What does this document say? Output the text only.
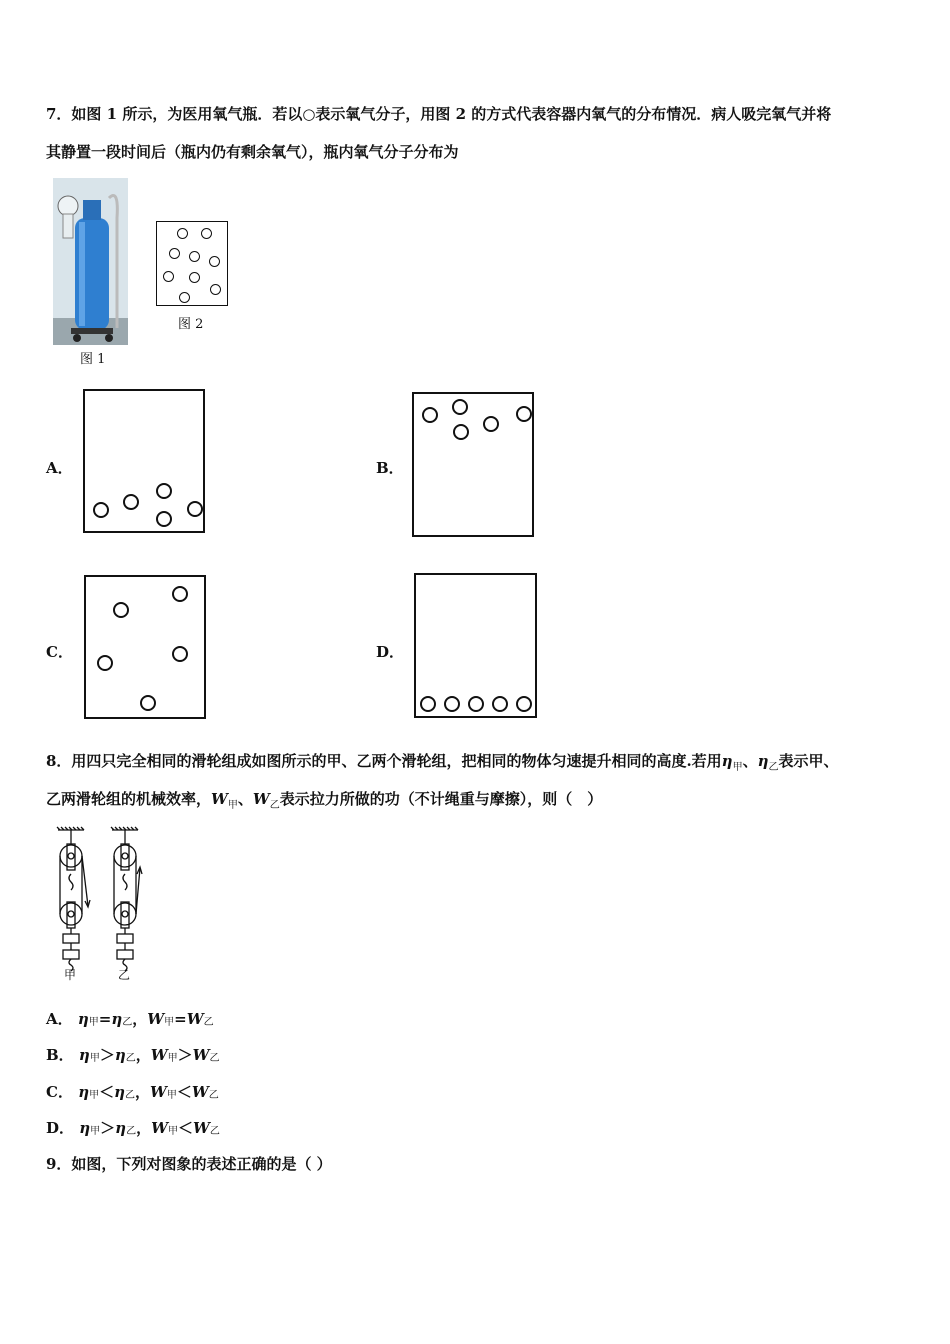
7．如图 1 所示，为医用氧气瓶．若以○表示氧气分子，用图 2 的方式代表容器内氧气的分布情况．病人吸完氧气并将
其静置一段时间后（瓶内仍有剩余氧气），瓶内氧气分子分布为
图 1
图 2
A．	B．
C．	D．
8．用四只完全相同的滑轮组成如图所示的甲、乙两个滑轮组，把相同的物体匀速提升相同的高度.若用$\eta_甲$、$\eta_乙$表示甲、
乙两滑轮组的机械效率，$W_甲$、$W_乙$表示拉力所做的功（不计绳重与摩擦），则（　）
甲	乙
A． $\eta_甲=\eta_乙$，$W_甲=W_乙$
B． $\eta_甲>\eta_乙$，$W_甲>W_乙$
C． $\eta_甲<\eta_乙$，$W_甲<W_乙$
D． $\eta_甲>\eta_乙$，$W_甲<W_乙$
9．如图，下列对图象的表述正确的是（ ）
